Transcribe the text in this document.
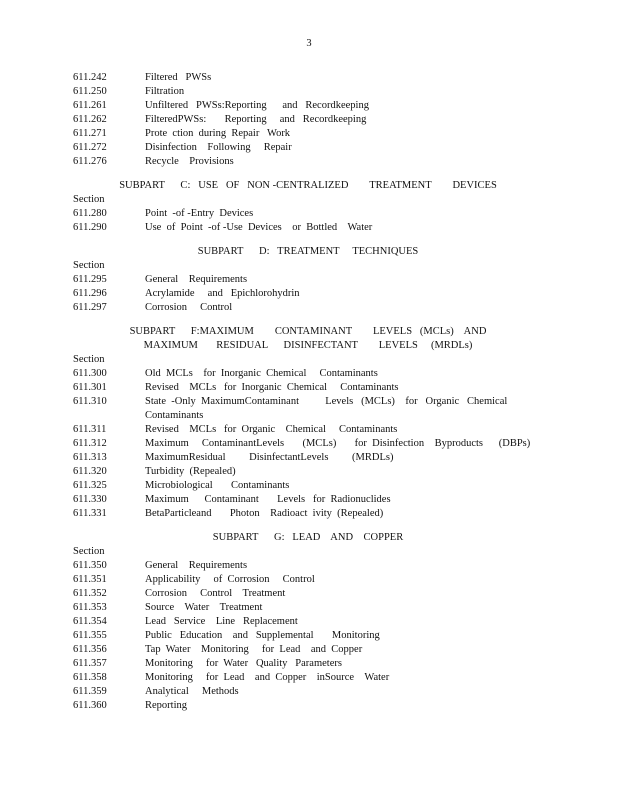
3
611.242	Filtered   PWSs
611.250	Filtration
611.261	Unfiltered   PWSs:Reporting      and   Recordkeeping
611.262	FilteredPWSs:       Reporting     and   Recordkeeping
611.271	Prote  ction  during  Repair   Work
611.272	Disinfection    Following     Repair
611.276	Recycle    Provisions
SUBPART      C:   USE   OF   NON -CENTRALIZED        TREATMENT        DEVICES
Section
611.280	Point  -of -Entry  Devices
611.290	Use  of  Point  -of -Use  Devices    or  Bottled    Water
SUBPART      D:   TREATMENT     TECHNIQUES
Section
611.295	General    Requirements
611.296	Acrylamide     and   Epichlorohydrin
611.297	Corrosion     Control
SUBPART      F:MAXIMUM        CONTAMINANT        LEVELS   (MCLs)    AND
MAXIMUM       RESIDUAL      DISINFECTANT        LEVELS     (MRDLs)
Section
611.300	Old  MCLs    for  Inorganic  Chemical     Contaminants
611.301	Revised    MCLs   for  Inorganic  Chemical     Contaminants
611.310	State  -Only  MaximumContaminant          Levels   (MCLs)    for   Organic   Chemical Contaminants
611.311	Revised    MCLs   for  Organic    Chemical     Contaminants
611.312	Maximum     ContaminantLevels       (MCLs)       for  Disinfection    Byproducts      (DBPs)
611.313	MaximumResidual         DisinfectantLevels         (MRDLs)
611.320	Turbidity  (Repealed)
611.325	Microbiological       Contaminants
611.330	Maximum      Contaminant       Levels   for  Radionuclides
611.331	BetaParticleand       Photon    Radioact  ivity  (Repealed)
SUBPART      G:   LEAD    AND    COPPER
Section
611.350	General    Requirements
611.351	Applicability     of  Corrosion     Control
611.352	Corrosion     Control    Treatment
611.353	Source    Water    Treatment
611.354	Lead   Service    Line   Replacement
611.355	Public   Education    and   Supplemental       Monitoring
611.356	Tap  Water    Monitoring     for  Lead    and  Copper
611.357	Monitoring     for  Water   Quality   Parameters
611.358	Monitoring     for  Lead    and  Copper    inSource    Water
611.359	Analytical     Methods
611.360	Reporting
